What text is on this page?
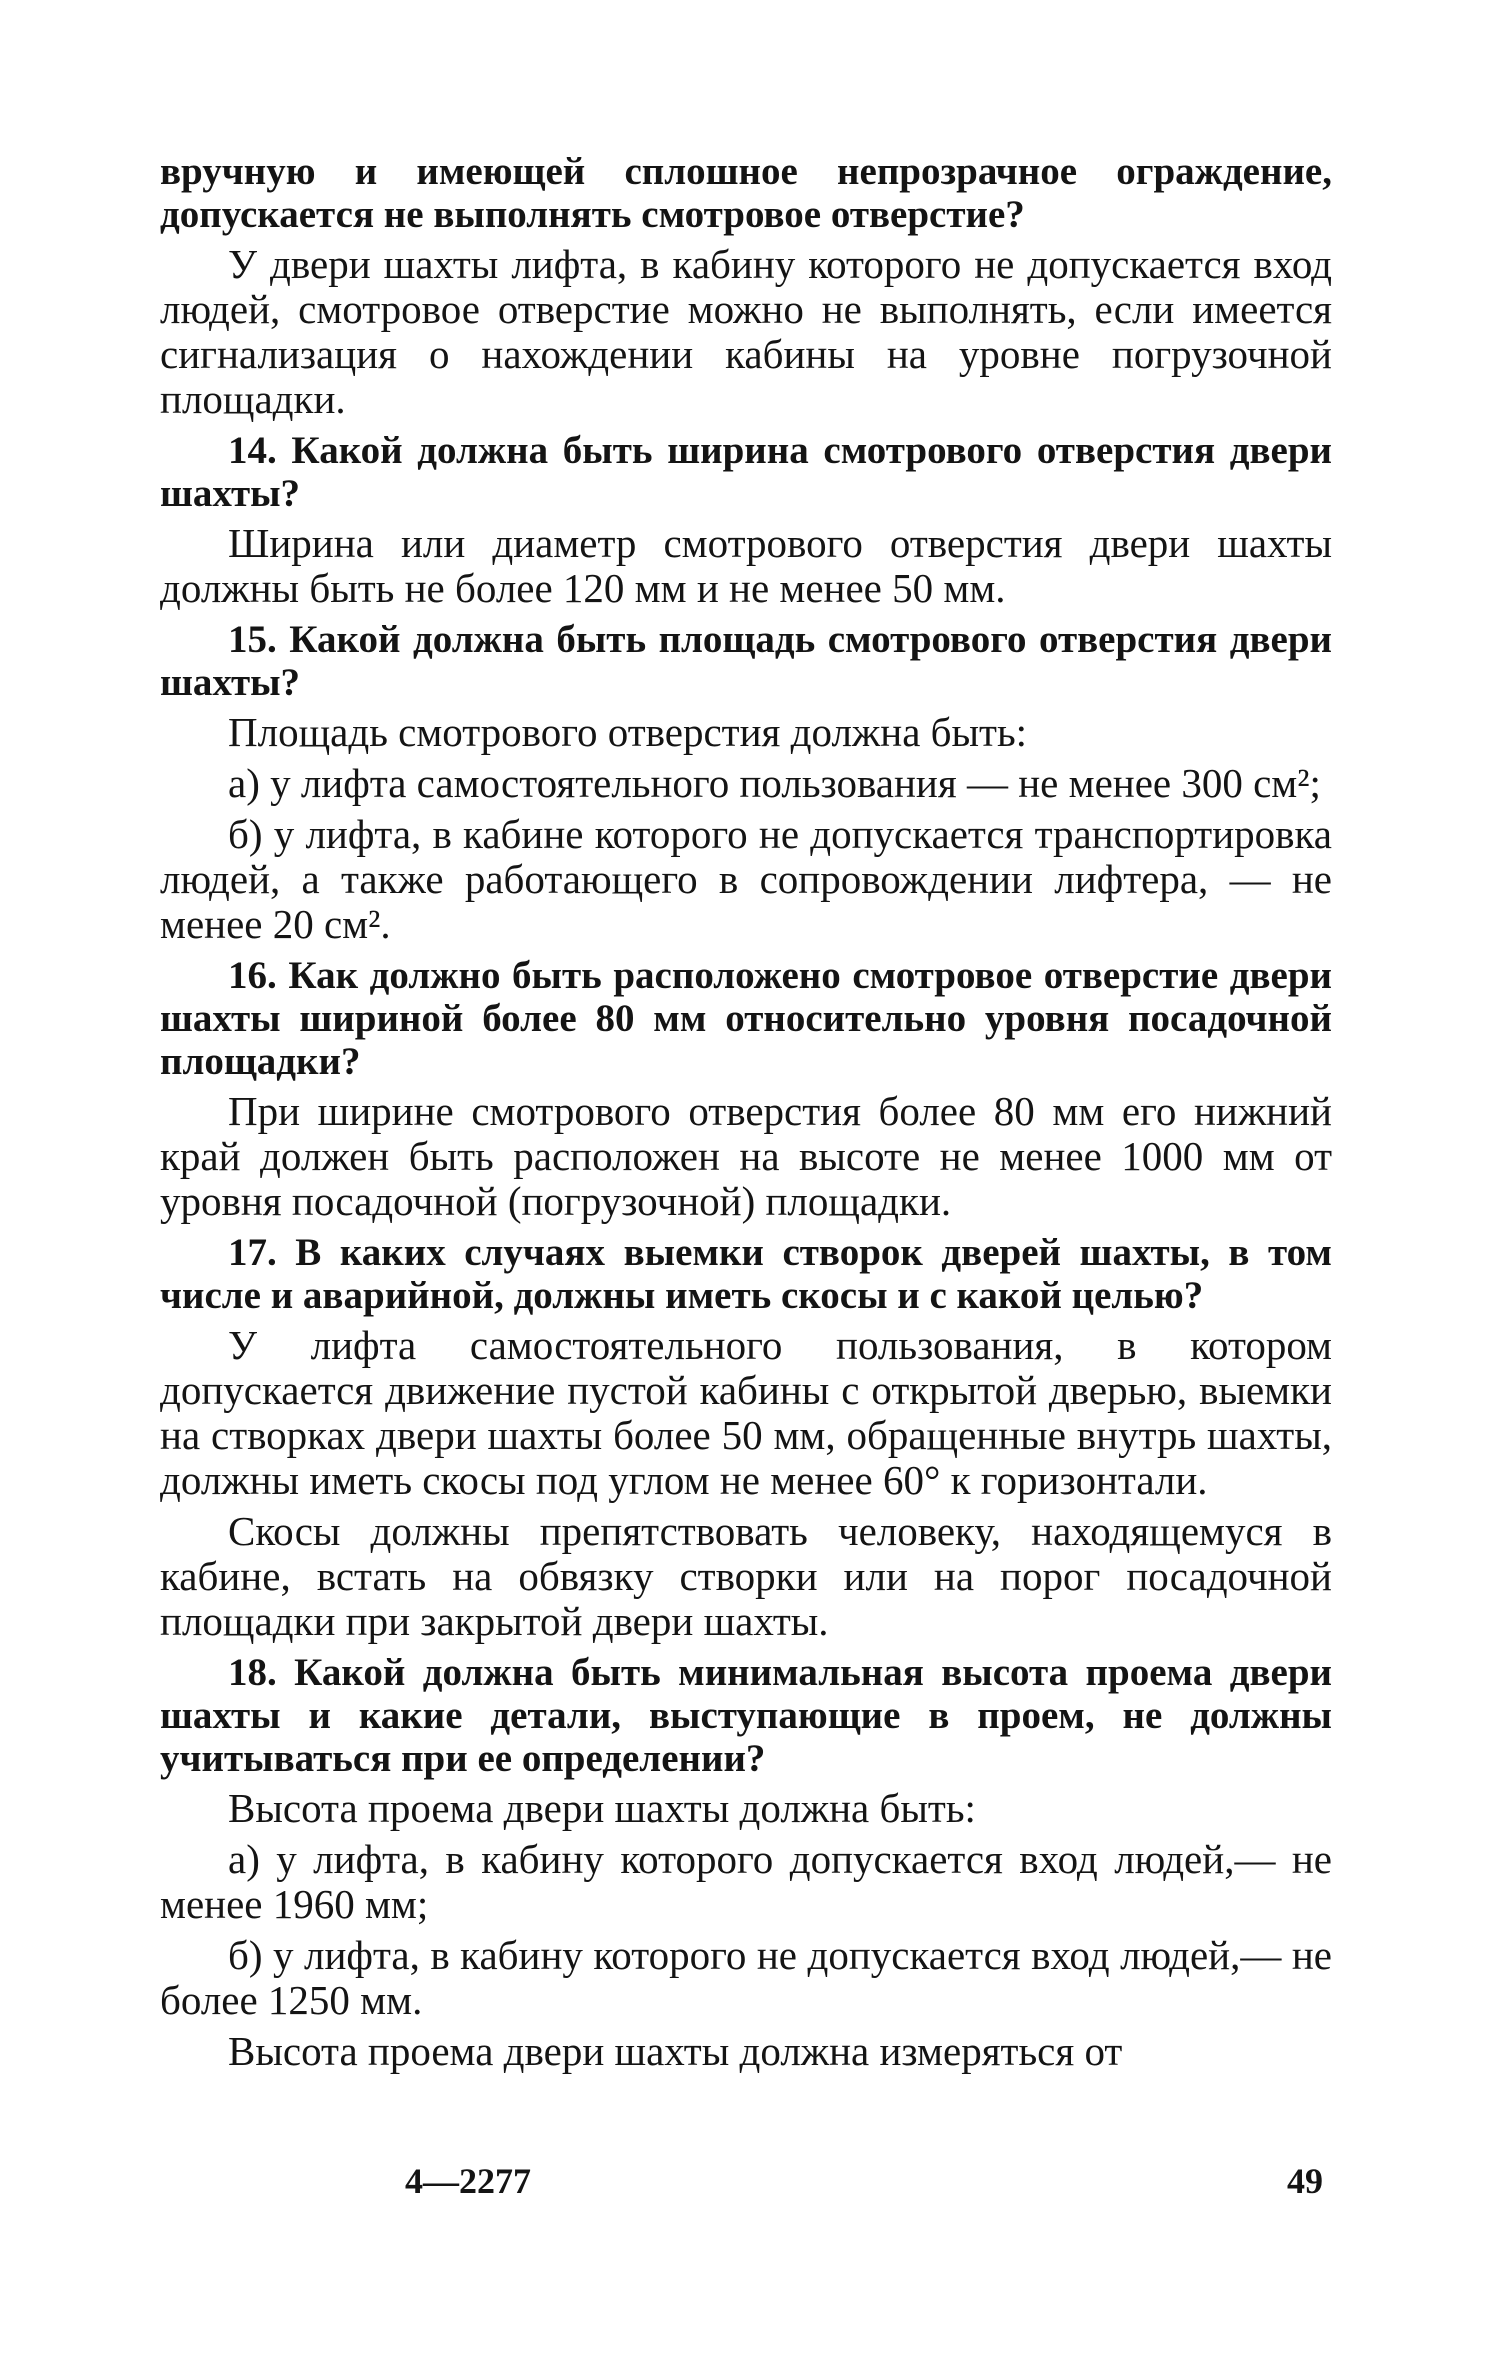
вручную и имеющей сплошное непрозрачное ограждение, допускается не выполнять смотровое отверстие?

У двери шахты лифта, в кабину которого не допускается вход людей, смотровое отверстие можно не выполнять, если имеется сигнализация о нахождении кабины на уровне погрузочной площадки.

14. Какой должна быть ширина смотрового отверстия двери шахты?

Ширина или диаметр смотрового отверстия двери шахты должны быть не более 120 мм и не менее 50 мм.

15. Какой должна быть площадь смотрового отверстия двери шахты?

Площадь смотрового отверстия должна быть:

а) у лифта самостоятельного пользования — не менее 300 см²;

б) у лифта, в кабине которого не допускается транспортировка людей, а также работающего в сопровождении лифтера, — не менее 20 см².

16. Как должно быть расположено смотровое отверстие двери шахты шириной более 80 мм относительно уровня посадочной площадки?

При ширине смотрового отверстия более 80 мм его нижний край должен быть расположен на высоте не менее 1000 мм от уровня посадочной (погрузочной) площадки.

17. В каких случаях выемки створок дверей шахты, в том числе и аварийной, должны иметь скосы и с какой целью?

У лифта самостоятельного пользования, в котором допускается движение пустой кабины с открытой дверью, выемки на створках двери шахты более 50 мм, обращенные внутрь шахты, должны иметь скосы под углом не менее 60° к горизонтали.

Скосы должны препятствовать человеку, находящемуся в кабине, встать на обвязку створки или на порог посадочной площадки при закрытой двери шахты.

18. Какой должна быть минимальная высота проема двери шахты и какие детали, выступающие в проем, не должны учитываться при ее определении?

Высота проема двери шахты должна быть:

а) у лифта, в кабину которого допускается вход людей,— не менее 1960 мм;

б) у лифта, в кабину которого не допускается вход людей,— не более 1250 мм.

Высота проема двери шахты должна измеряться от

4—2277	49
